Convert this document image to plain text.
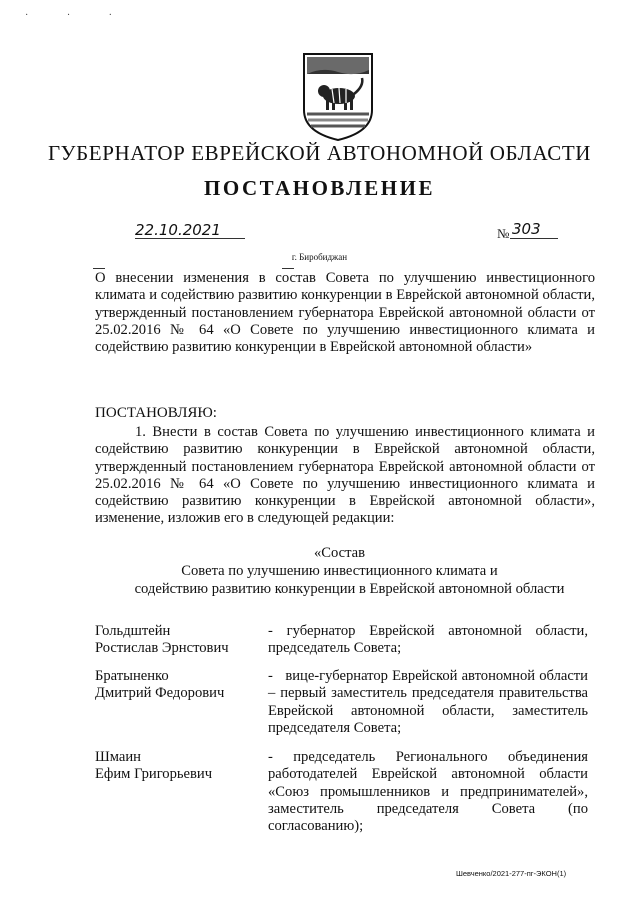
· · ·
ГУБЕРНАТОР ЕВРЕЙСКОЙ АВТОНОМНОЙ ОБЛАСТИ
ПОСТАНОВЛЕНИЕ
22.10.2021	№ 303
г. Биробиджан
О внесении изменения в состав Совета по улучшению инвестиционного климата и содействию развитию конкуренции в Еврейской автономной области, утвержденный постановлением губернатора Еврейской автономной области от 25.02.2016 № 64 «О Совете по улучшению инвестиционного климата и содействию развитию конкуренции в Еврейской автономной области»
ПОСТАНОВЛЯЮ:
1. Внести в состав Совета по улучшению инвестиционного климата и содействию развитию конкуренции в Еврейской автономной области, утвержденный постановлением губернатора Еврейской автономной области от 25.02.2016 № 64 «О Совете по улучшению инвестиционного климата и содействию развитию конкуренции в Еврейской автономной области», изменение, изложив его в следующей редакции:
«Состав
Совета по улучшению инвестиционного климата и
содействию развитию конкуренции в Еврейской автономной области
Гольдштейн
Ростислав Эрнстович
- губернатор Еврейской автономной области, председатель Совета;
Братыненко
Дмитрий Федорович
-   вице-губернатор Еврейской автономной области – первый заместитель председателя правительства Еврейской автономной области, заместитель председателя Совета;
Шмаин
Ефим Григорьевич
- председатель Регионального объединения работодателей Еврейской автономной области «Союз промышленников и предпринимателей», заместитель председателя Совета (по согласованию);
Шевченко/2021-277-пг-ЭКОН(1)
